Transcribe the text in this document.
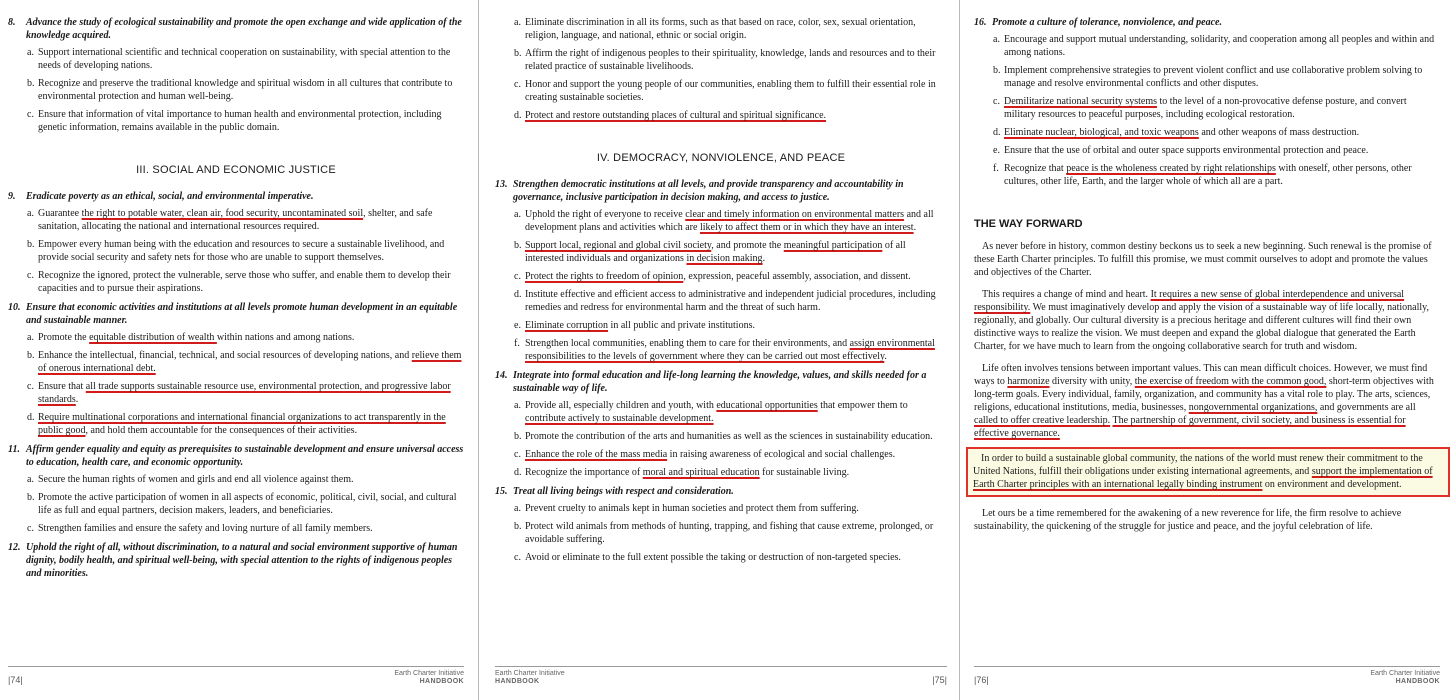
8.	Advance the study of ecological sustainability and promote the open exchange and wide application of the knowledge acquired.
a. Support international scientific and technical cooperation on sustainability, with special attention to the needs of developing nations.
b. Recognize and preserve the traditional knowledge and spiritual wisdom in all cultures that contribute to environmental protection and human well-being.
c. Ensure that information of vital importance to human health and environmental protection, including genetic information, remains available in the public domain.
III. SOCIAL AND ECONOMIC JUSTICE
9.	Eradicate poverty as an ethical, social, and environmental imperative.
a. Guarantee the right to potable water, clean air, food security, uncontaminated soil, shelter, and safe sanitation, allocating the national and international resources required.
b. Empower every human being with the education and resources to secure a sustainable livelihood, and provide social security and safety nets for those who are unable to support themselves.
c. Recognize the ignored, protect the vulnerable, serve those who suffer, and enable them to develop their capacities and to pursue their aspirations.
10. Ensure that economic activities and institutions at all levels promote human development in an equitable and sustainable manner.
a. Promote the equitable distribution of wealth within nations and among nations.
b. Enhance the intellectual, financial, technical, and social resources of developing nations, and relieve them of onerous international debt.
c. Ensure that all trade supports sustainable resource use, environmental protection, and progressive labor standards.
d. Require multinational corporations and international financial organizations to act transparently in the public good, and hold them accountable for the consequences of their activities.
11. Affirm gender equality and equity as prerequisites to sustainable development and ensure universal access to education, health care, and economic opportunity.
a. Secure the human rights of women and girls and end all violence against them.
b. Promote the active participation of women in all aspects of economic, political, civil, social, and cultural life as full and equal partners, decision makers, leaders, and beneficiaries.
c. Strengthen families and ensure the safety and loving nurture of all family members.
12. Uphold the right of all, without discrimination, to a natural and social environment supportive of human dignity, bodily health, and spiritual well-being, with special attention to the rights of indigenous peoples and minorities.
|74|
Earth Charter Initiative
HANDBOOK
a. Eliminate discrimination in all its forms, such as that based on race, color, sex, sexual orientation, religion, language, and national, ethnic or social origin.
b. Affirm the right of indigenous peoples to their spirituality, knowledge, lands and resources and to their related practice of sustainable livelihoods.
c. Honor and support the young people of our communities, enabling them to fulfill their essential role in creating sustainable societies.
d. Protect and restore outstanding places of cultural and spiritual significance.
IV. DEMOCRACY, NONVIOLENCE, AND PEACE
13. Strengthen democratic institutions at all levels, and provide transparency and accountability in governance, inclusive participation in decision making, and access to justice.
a. Uphold the right of everyone to receive clear and timely information on environmental matters and all development plans and activities which are likely to affect them or in which they have an interest.
b. Support local, regional and global civil society, and promote the meaningful participation of all interested individuals and organizations in decision making.
c. Protect the rights to freedom of opinion, expression, peaceful assembly, association, and dissent.
d. Institute effective and efficient access to administrative and independent judicial procedures, including remedies and redress for environmental harm and the threat of such harm.
e. Eliminate corruption in all public and private institutions.
f. Strengthen local communities, enabling them to care for their environments, and assign environmental responsibilities to the levels of government where they can be carried out most effectively.
14. Integrate into formal education and life-long learning the knowledge, values, and skills needed for a sustainable way of life.
a. Provide all, especially children and youth, with educational opportunities that empower them to contribute actively to sustainable development.
b. Promote the contribution of the arts and humanities as well as the sciences in sustainability education.
c. Enhance the role of the mass media in raising awareness of ecological and social challenges.
d. Recognize the importance of moral and spiritual education for sustainable living.
15. Treat all living beings with respect and consideration.
a. Prevent cruelty to animals kept in human societies and protect them from suffering.
b. Protect wild animals from methods of hunting, trapping, and fishing that cause extreme, prolonged, or avoidable suffering.
c. Avoid or eliminate to the full extent possible the taking or destruction of non-targeted species.
Earth Charter Initiative
HANDBOOK	|75|
16. Promote a culture of tolerance, nonviolence, and peace.
a. Encourage and support mutual understanding, solidarity, and cooperation among all peoples and within and among nations.
b. Implement comprehensive strategies to prevent violent conflict and use collaborative problem solving to manage and resolve environmental conflicts and other disputes.
c. Demilitarize national security systems to the level of a non-provocative defense posture, and convert military resources to peaceful purposes, including ecological restoration.
d. Eliminate nuclear, biological, and toxic weapons and other weapons of mass destruction.
e. Ensure that the use of orbital and outer space supports environmental protection and peace.
f. Recognize that peace is the wholeness created by right relationships with oneself, other persons, other cultures, other life, Earth, and the larger whole of which all are a part.
THE WAY FORWARD

As never before in history, common destiny beckons us to seek a new beginning. Such renewal is the promise of these Earth Charter principles. To fulfill this promise, we must commit ourselves to adopt and promote the values and objectives of the Charter.

This requires a change of mind and heart. It requires a new sense of global interdependence and universal responsibility. We must imaginatively develop and apply the vision of a sustainable way of life locally, nationally, regionally, and globally. Our cultural diversity is a precious heritage and different cultures will find their own distinctive ways to realize the vision. We must deepen and expand the global dialogue that generated the Earth Charter, for we have much to learn from the ongoing collaborative search for truth and wisdom.

Life often involves tensions between important values. This can mean difficult choices. However, we must find ways to harmonize diversity with unity, the exercise of freedom with the common good, short-term objectives with long-term goals. Every individual, family, organization, and community has a vital role to play. The arts, sciences, religions, educational institutions, media, businesses, nongovernmental organizations, and governments are all called to offer creative leadership. The partnership of government, civil society, and business is essential for effective governance.

In order to build a sustainable global community, the nations of the world must renew their commitment to the United Nations, fulfill their obligations under existing international agreements, and support the implementation of Earth Charter principles with an international legally binding instrument on environment and development.

Let ours be a time remembered for the awakening of a new reverence for life, the firm resolve to achieve sustainability, the quickening of the struggle for justice and peace, and the joyful celebration of life.

|76|
Earth Charter Initiative
HANDBOOK
